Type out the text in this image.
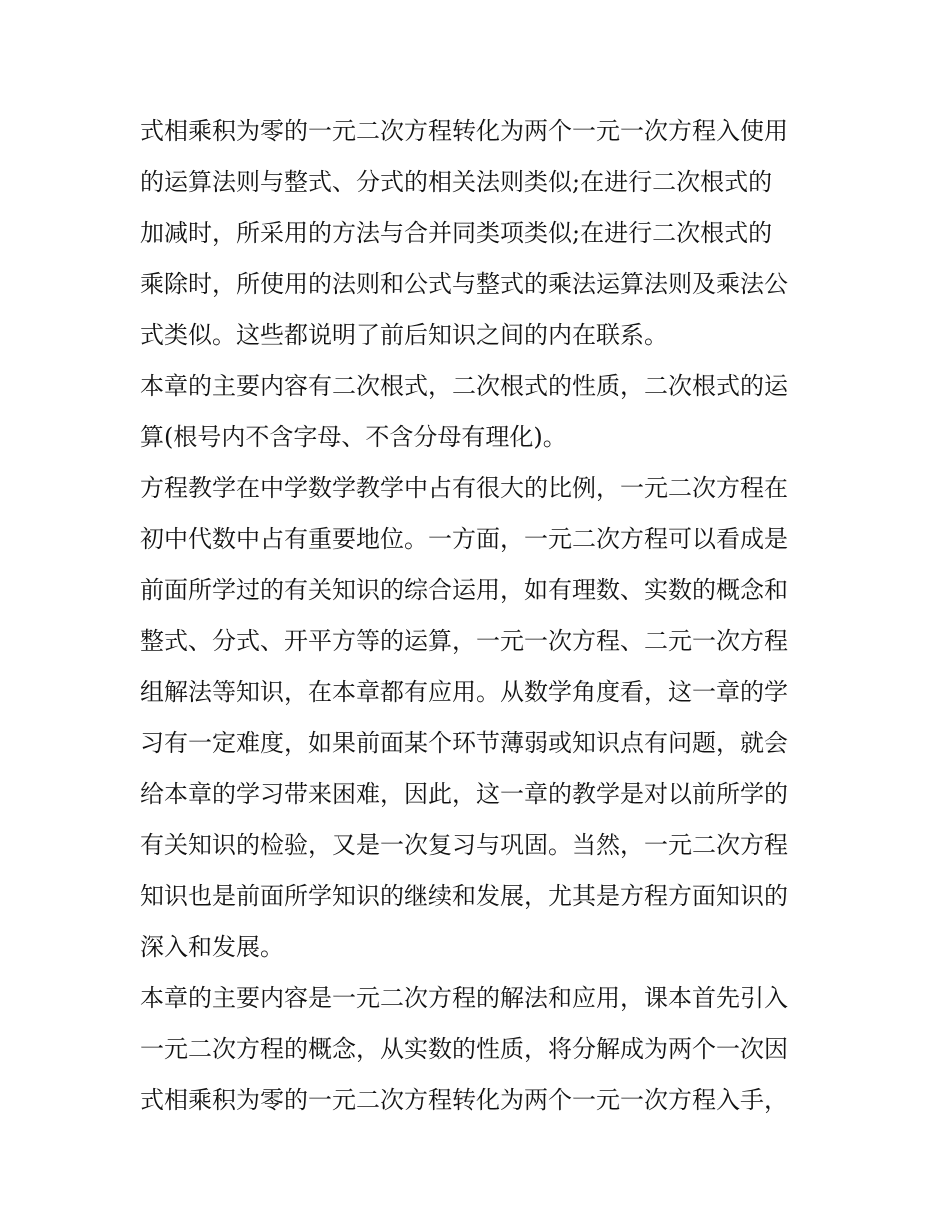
式相乘积为零的一元二次方程转化为两个一元一次方程入使用
的运算法则与整式、分式的相关法则类似;在进行二次根式的
加减时，所采用的方法与合并同类项类似;在进行二次根式的
乘除时，所使用的法则和公式与整式的乘法运算法则及乘法公
式类似。这些都说明了前后知识之间的内在联系。
本章的主要内容有二次根式，二次根式的性质，二次根式的运
算(根号内不含字母、不含分母有理化)。
方程教学在中学数学教学中占有很大的比例，一元二次方程在
初中代数中占有重要地位。一方面，一元二次方程可以看成是
前面所学过的有关知识的综合运用，如有理数、实数的概念和
整式、分式、开平方等的运算，一元一次方程、二元一次方程
组解法等知识，在本章都有应用。从数学角度看，这一章的学
习有一定难度，如果前面某个环节薄弱或知识点有问题，就会
给本章的学习带来困难，因此，这一章的教学是对以前所学的
有关知识的检验，又是一次复习与巩固。当然，一元二次方程
知识也是前面所学知识的继续和发展，尤其是方程方面知识的
深入和发展。
本章的主要内容是一元二次方程的解法和应用，课本首先引入
一元二次方程的概念，从实数的性质，将分解成为两个一次因
式相乘积为零的一元二次方程转化为两个一元一次方程入手，
